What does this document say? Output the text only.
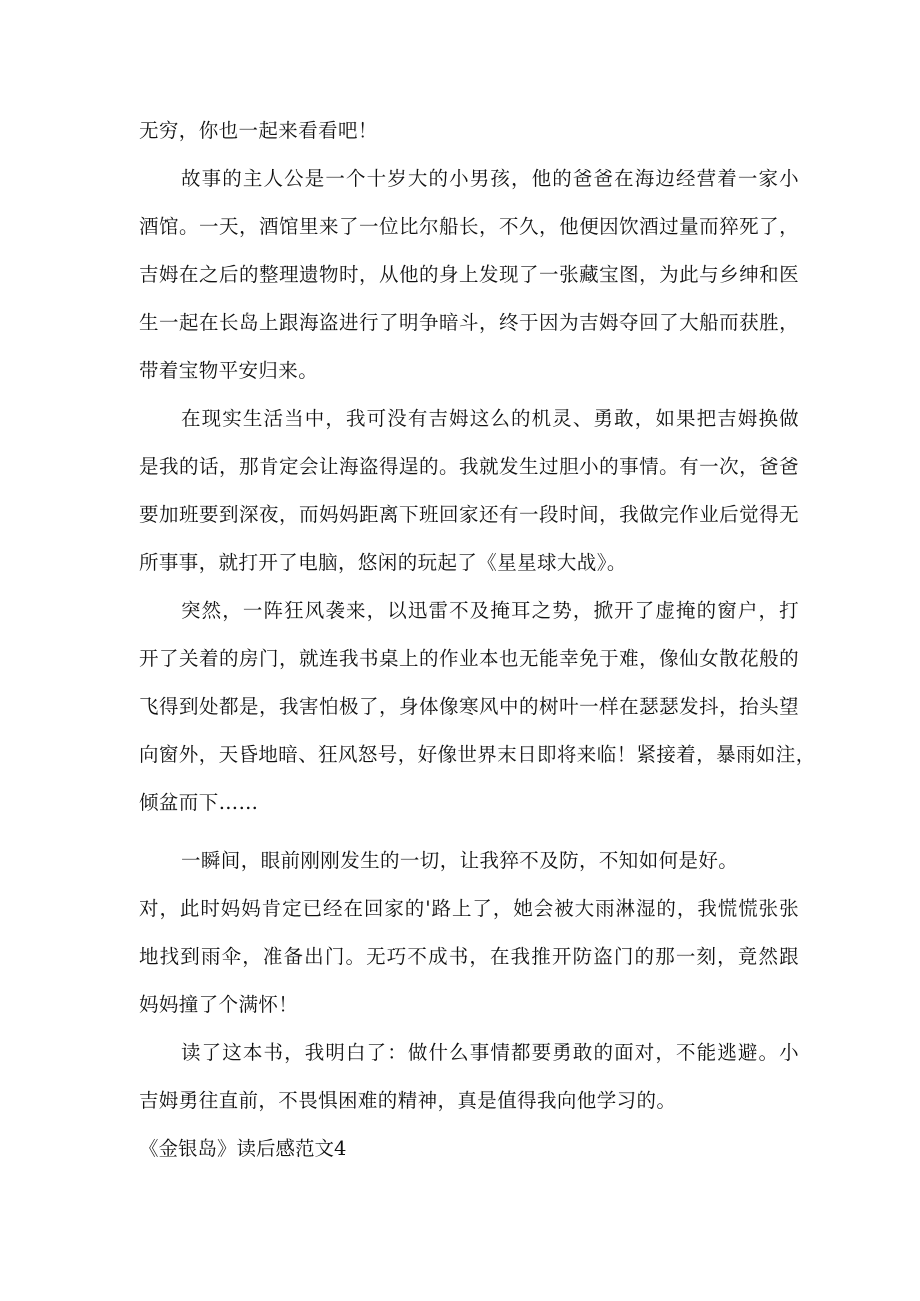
无穷，你也一起来看看吧！
故事的主人公是一个十岁大的小男孩，他的爸爸在海边经营着一家小
酒馆。一天，酒馆里来了一位比尔船长，不久，他便因饮酒过量而猝死了，
吉姆在之后的整理遗物时，从他的身上发现了一张藏宝图，为此与乡绅和医
生一起在长岛上跟海盗进行了明争暗斗，终于因为吉姆夺回了大船而获胜，
带着宝物平安归来。
在现实生活当中，我可没有吉姆这么的机灵、勇敢，如果把吉姆换做
是我的话，那肯定会让海盗得逞的。我就发生过胆小的事情。有一次，爸爸
要加班要到深夜，而妈妈距离下班回家还有一段时间，我做完作业后觉得无
所事事，就打开了电脑，悠闲的玩起了《星星球大战》。
突然，一阵狂风袭来，以迅雷不及掩耳之势，掀开了虚掩的窗户，打
开了关着的房门，就连我书桌上的作业本也无能幸免于难，像仙女散花般的
飞得到处都是，我害怕极了，身体像寒风中的树叶一样在瑟瑟发抖，抬头望
向窗外，天昏地暗、狂风怒号，好像世界末日即将来临！紧接着，暴雨如注，
倾盆而下……
一瞬间，眼前刚刚发生的一切，让我猝不及防，不知如何是好。
对，此时妈妈肯定已经在回家的'路上了，她会被大雨淋湿的，我慌慌张张
地找到雨伞，准备出门。无巧不成书，在我推开防盗门的那一刻，竟然跟
妈妈撞了个满怀！
读了这本书，我明白了：做什么事情都要勇敢的面对，不能逃避。小
吉姆勇往直前，不畏惧困难的精神，真是值得我向他学习的。
《金银岛》读后感范文4
